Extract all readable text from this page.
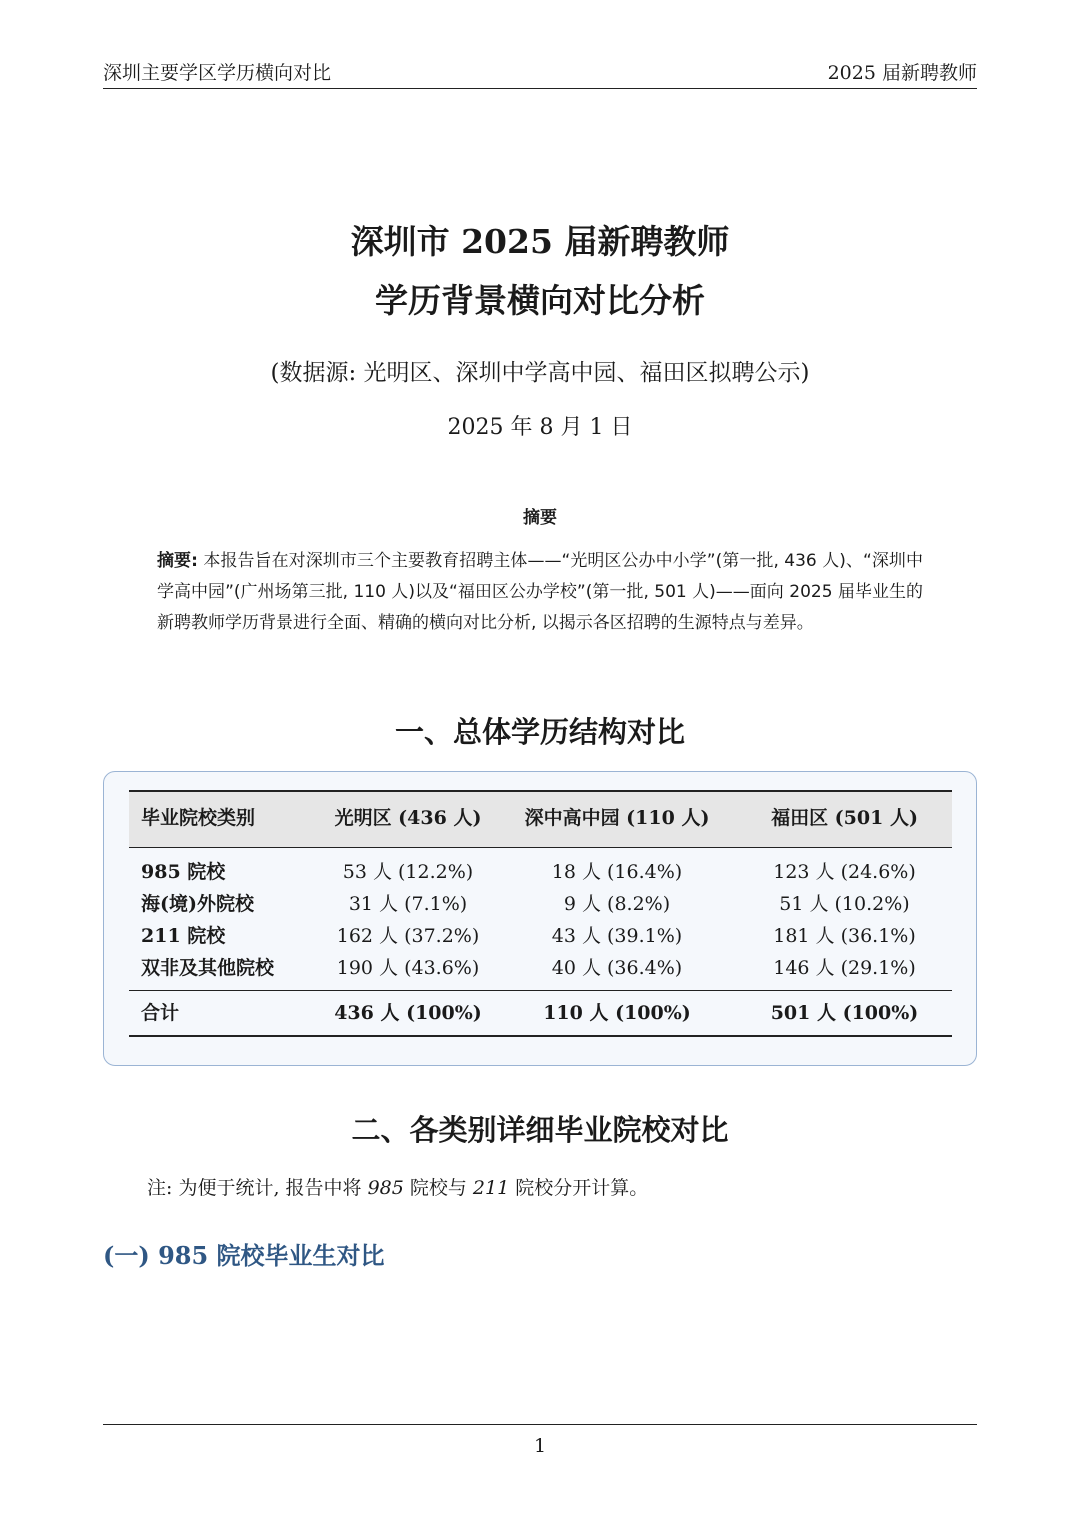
深圳主要学区学历横向对比	2025 届新聘教师
深圳市 2025 届新聘教师
学历背景横向对比分析
(数据源: 光明区、深圳中学高中园、福田区拟聘公示)
2025 年 8 月 1 日
摘要
摘要: 本报告旨在对深圳市三个主要教育招聘主体——“光明区公办中小学”(第一批, 436 人)、“深圳中学高中园”(广州场第三批, 110 人)以及“福田区公办学校”(第一批, 501 人)——面向 2025 届毕业生的新聘教师学历背景进行全面、精确的横向对比分析, 以揭示各区招聘的生源特点与差异。
一、总体学历结构对比
毕业院校类别	光明区 (436 人)	深中高中园 (110 人)	福田区 (501 人)
985 院校	53 人 (12.2%)	18 人 (16.4%)	123 人 (24.6%)
海(境)外院校	31 人 (7.1%)	9 人 (8.2%)	51 人 (10.2%)
211 院校	162 人 (37.2%)	43 人 (39.1%)	181 人 (36.1%)
双非及其他院校	190 人 (43.6%)	40 人 (36.4%)	146 人 (29.1%)
合计	436 人 (100%)	110 人 (100%)	501 人 (100%)
二、各类别详细毕业院校对比
注: 为便于统计, 报告中将 985 院校与 211 院校分开计算。
(一) 985 院校毕业生对比
1
